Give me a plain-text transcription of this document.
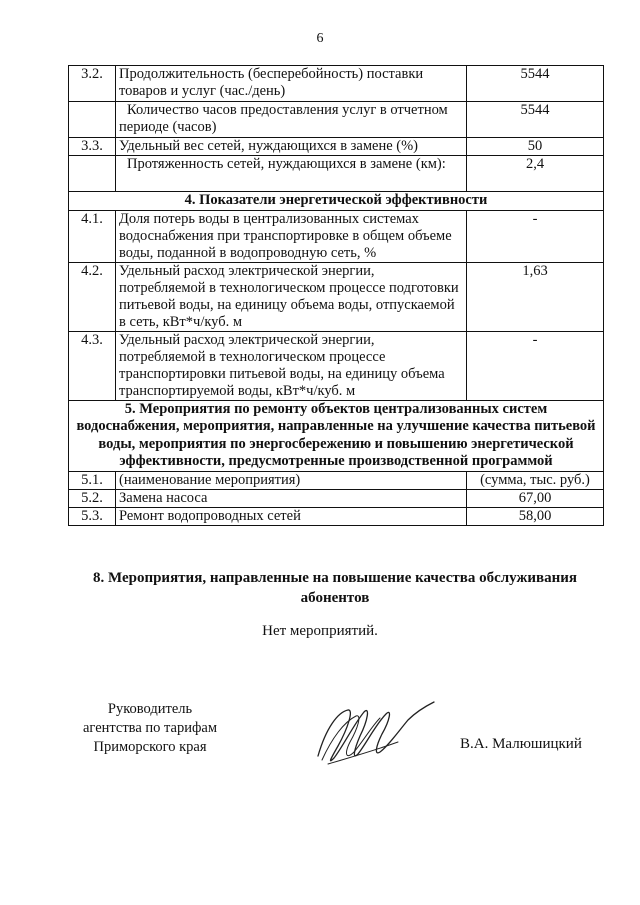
6
3.2.	Продолжительность (бесперебойность) поставки товаров и услуг (час./день)	5544
	Количество часов предоставления услуг в отчетном периоде (часов)	5544
3.3.	Удельный вес сетей, нуждающихся в замене (%)	50
	Протяженность сетей, нуждающихся в замене (км):	2,4
4. Показатели энергетической эффективности		
4.1.	Доля потерь воды в централизованных системах водоснабжения при транспортировке в общем объеме воды, поданной в водопроводную сеть, %	-
4.2.	Удельный расход электрической энергии, потребляемой в технологическом процессе подготовки питьевой воды, на единицу объема воды, отпускаемой в сеть, кВт*ч/куб. м	1,63
4.3.	Удельный расход электрической энергии, потребляемой в технологическом процессе транспортировки питьевой воды, на единицу объема транспортируемой воды, кВт*ч/куб. м	-
5. Мероприятия по ремонту объектов централизованных систем водоснабжения, мероприятия, направленные на улучшение качества питьевой воды, мероприятия по энергосбережению и повышению энергетической эффективности, предусмотренные производственной программой		
5.1.	(наименование мероприятия)	(сумма, тыс. руб.)
5.2.	Замена насоса	67,00
5.3.	Ремонт водопроводных сетей	58,00
8. Мероприятия, направленные на повышение качества обслуживания абонентов
Нет мероприятий.
Руководитель
агентства по тарифам
Приморского края	В.А. Малюшицкий
